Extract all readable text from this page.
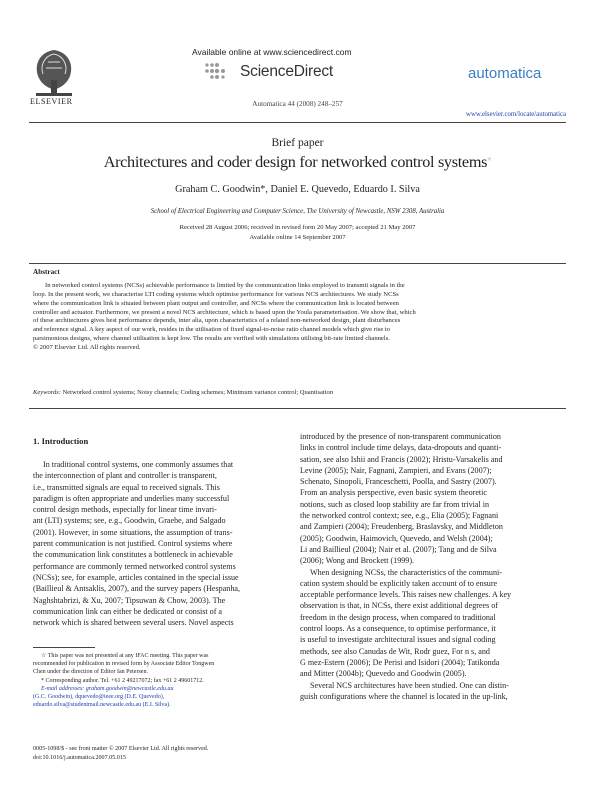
ELSEVIER
Available online at www.sciencedirect.com
ScienceDirect	automatica
Automatica 44 (2008) 248–257
www.elsevier.com/locate/automatica
Brief paper
Architectures and coder design for networked control systems☆
Graham C. Goodwin*, Daniel E. Quevedo, Eduardo I. Silva
School of Electrical Engineering and Computer Science, The University of Newcastle, NSW 2308, Australia
Received 28 August 2006; received in revised form 20 May 2007; accepted 21 May 2007
Available online 14 September 2007
Abstract
In networked control systems (NCSs) achievable performance is limited by the communication links employed to transmit signals in the
loop. In the present work, we characterise LTI coding systems which optimise performance for various NCS architectures. We study NCSs
where the communication link is situated between plant output and controller, and NCSs where the communication link is located between
controller and actuator. Furthermore, we present a novel NCS architecture, which is based upon the Youla parameterisation. We show that, which
of these architectures gives best performance depends, inter alia, upon characteristics of a related non-networked design, plant disturbances
and reference signal. A key aspect of our work, resides in the utilisation of fixed signal-to-noise ratio channel models which give rise to
parsimonious designs, where channel utilisation is kept low. The results are verified with simulations utilising bit-rate limited channels.
© 2007 Elsevier Ltd. All rights reserved.
Keywords: Networked control systems; Noisy channels; Coding schemes; Minimum variance control; Quantisation
1. Introduction
In traditional control systems, one commonly assumes that
the interconnection of plant and controller is transparent,
i.e., transmitted signals are equal to received signals. This
paradigm is often appropriate and underlies many successful
control design methods, especially for linear time invari-
ant (LTI) systems; see, e.g., Goodwin, Graebe, and Salgado
(2001). However, in some situations, the assumption of trans-
parent communication is not justified. Control systems where
the communication link constitutes a bottleneck in achievable
performance are commonly termed networked control systems
(NCSs); see, for example, articles contained in the special issue
(Baillieul & Antsaklis, 2007), and the survey papers (Hespanha,
Naghshtabrizi, & Xu, 2007; Tipsuwan & Chow, 2003). The
communication link can either be dedicated or consist of a
network which is shared between several users. Novel aspects
introduced by the presence of non-transparent communication
links in control include time delays, data-dropouts and quanti-
sation, see also Ishii and Francis (2002); Hristu-Varsakelis and
Levine (2005); Nair, Fagnani, Zampieri, and Evans (2007);
Schenato, Sinopoli, Franceschetti, Poolla, and Sastry (2007).
From an analysis perspective, even basic system theoretic
notions, such as closed loop stability are far from trivial in
the networked control context; see, e.g., Elia (2005); Fagnani
and Zampieri (2004); Freudenberg, Braslavsky, and Middleton
(2005); Goodwin, Haimovich, Quevedo, and Welsh (2004);
Li and Baillieul (2004); Nair et al. (2007); Tang and de Silva
(2006); Wong and Brockett (1999).
When designing NCSs, the characteristics of the communi-
cation system should be explicitly taken account of to ensure
acceptable performance levels. This raises new challenges. A key
observation is that, in NCSs, there exist additional degrees of
freedom in the design process, when compared to traditional
control loops. As a consequence, to optimise performance, it
is useful to investigate architectural issues and signal coding
methods, see also Canudas de Wit, Rodr guez, For n s, and
G mez-Estern (2006); De Perisi and Isidori (2004); Tatikonda
and Mitter (2004b); Quevedo and Goodwin (2005).
Several NCS architectures have been studied. One can distin-
guish configurations where the channel is located in the up-link,
☆ This paper was not presented at any IFAC meeting. This paper was
recommended for publication in revised form by Associate Editor Tongwen
Chen under the direction of Editor Ian Petersen.
* Corresponding author. Tel. +61 2 49217072; fax +61 2 49601712.
E-mail addresses: graham.goodwin@newcastle.edu.au
(G.C. Goodwin), dquevedo@ieee.org (D.E. Quevedo),
eduardo.silva@studentmail.newcastle.edu.au (E.I. Silva).
0005-1098/$ - see front matter © 2007 Elsevier Ltd. All rights reserved.
doi:10.1016/j.automatica.2007.05.015
